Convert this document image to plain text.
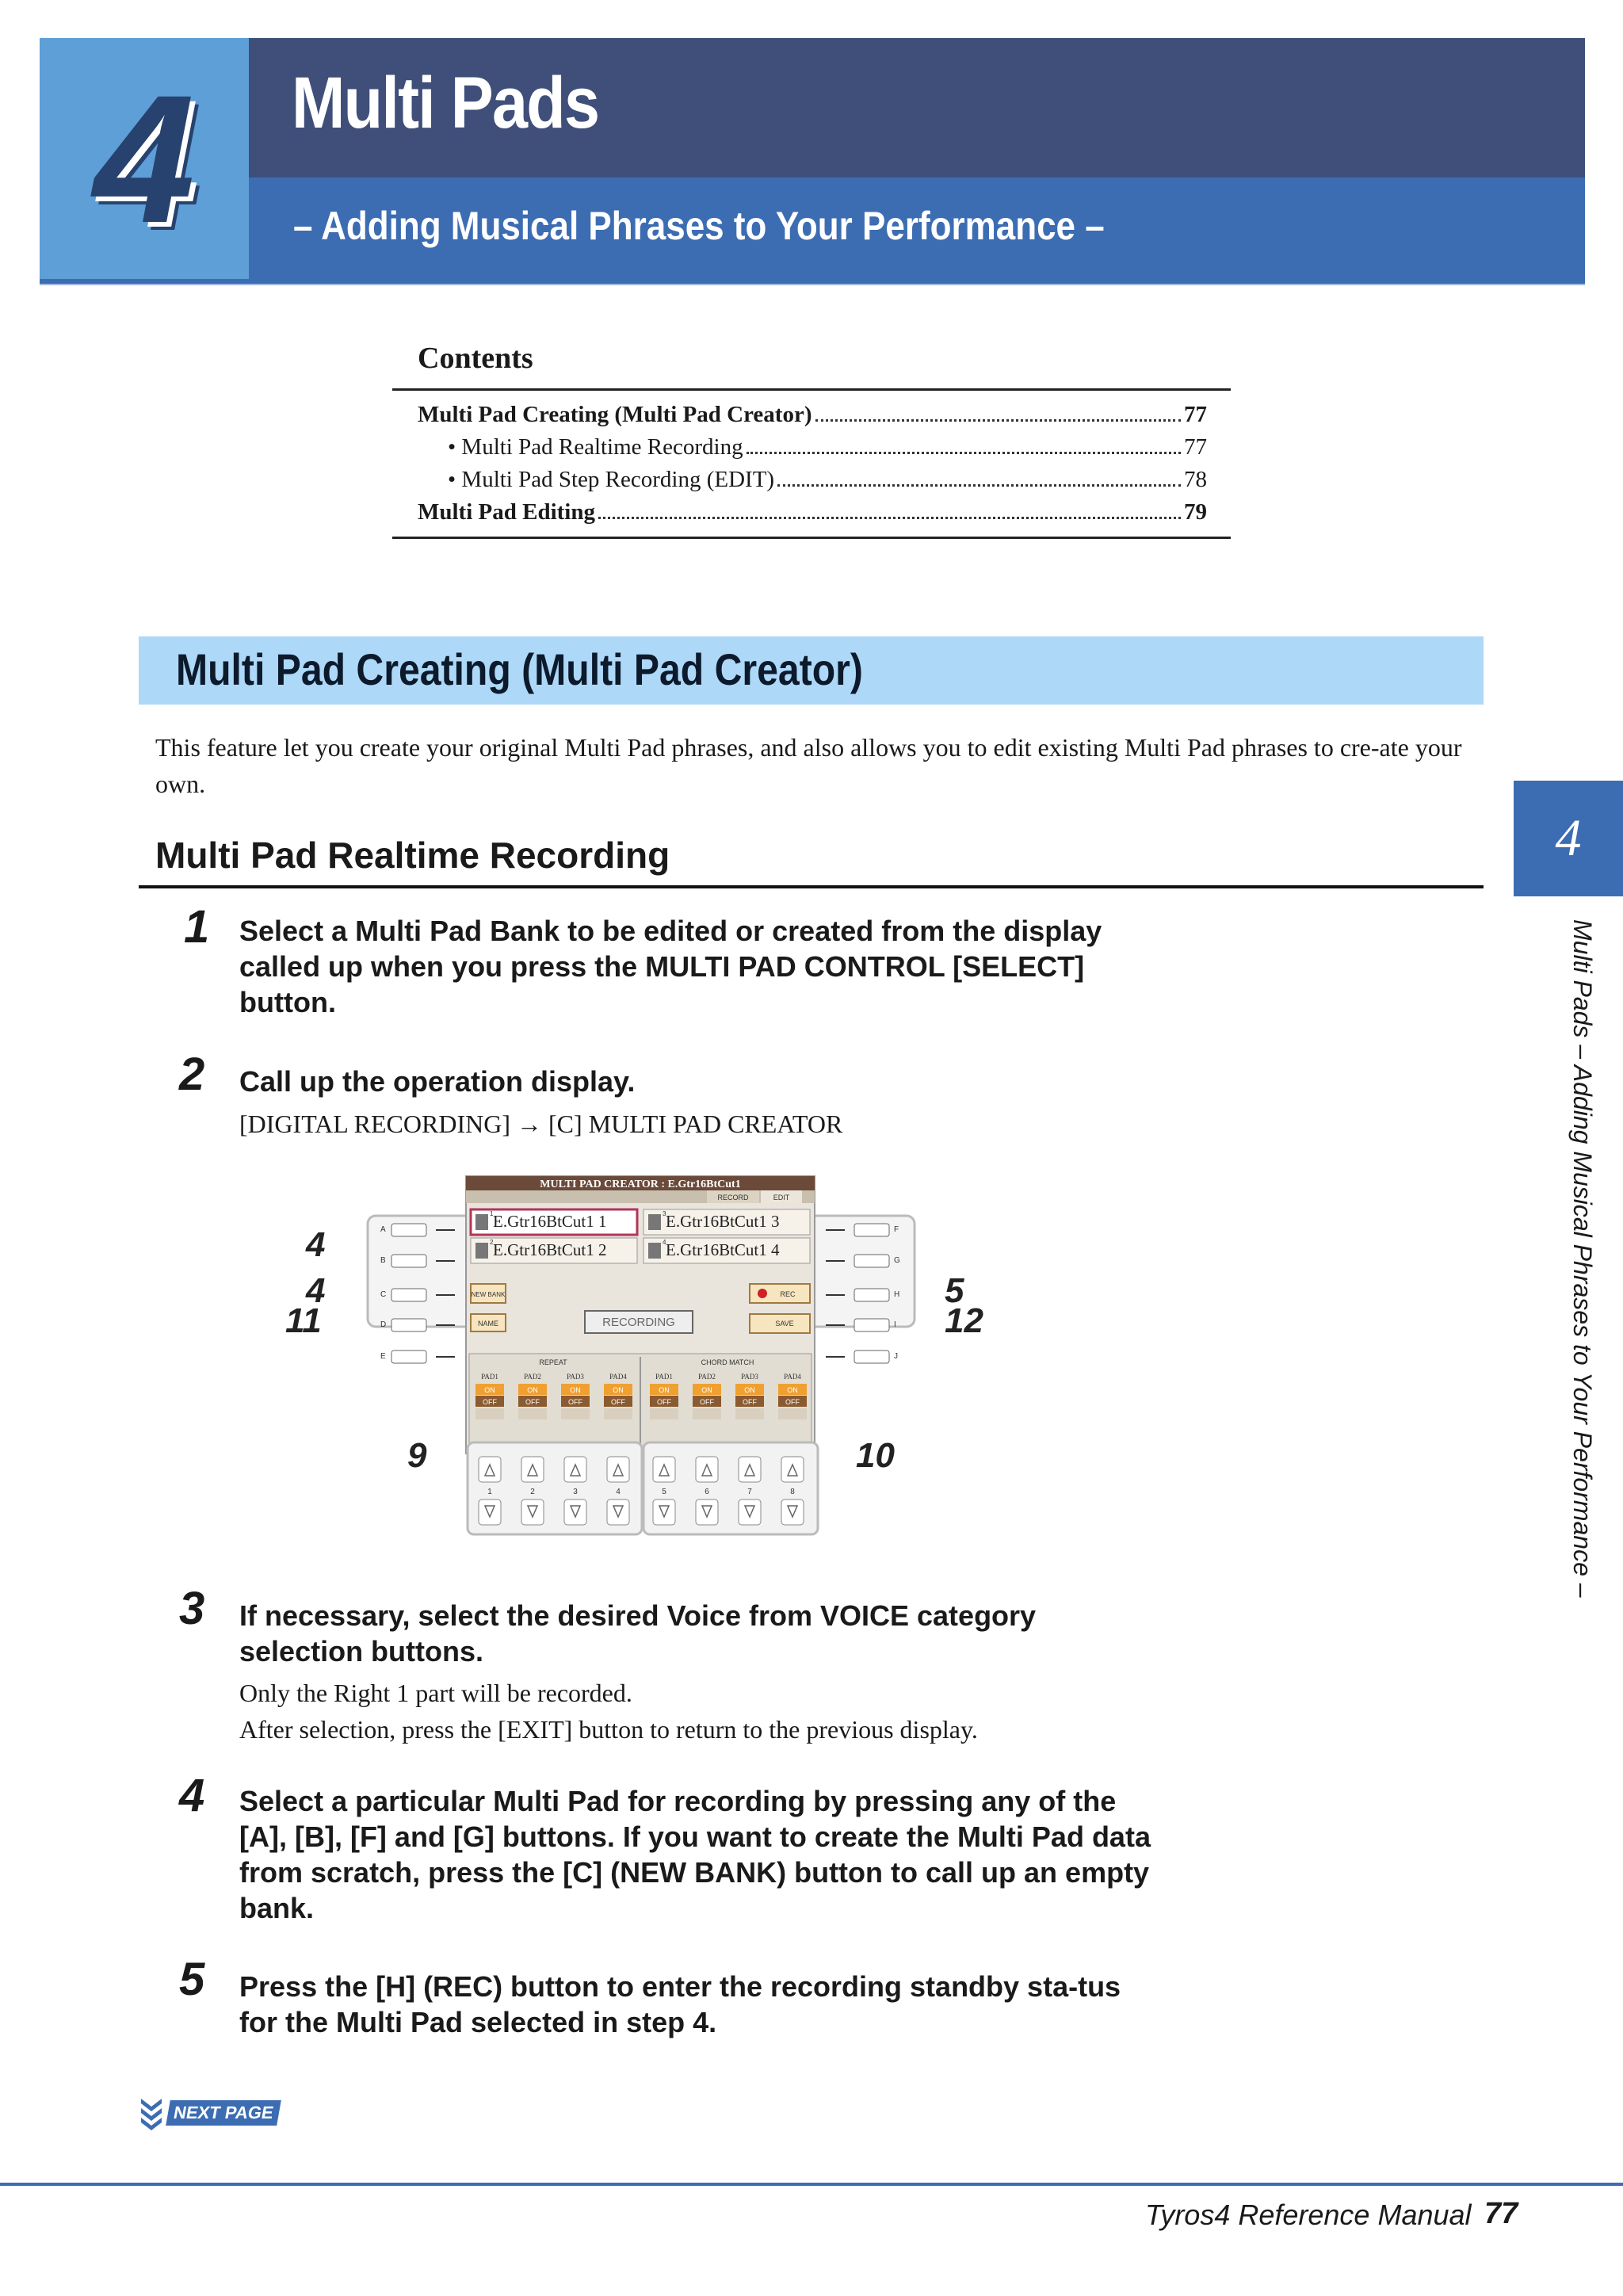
4	Multi Pads
– Adding Musical Phrases to Your Performance –
Contents
Multi Pad Creating (Multi Pad Creator)	77
• Multi Pad Realtime Recording	77
• Multi Pad Step Recording (EDIT)	78
Multi Pad Editing	79
Multi Pad Creating (Multi Pad Creator)
This feature let you create your original Multi Pad phrases, and also allows you to edit existing Multi Pad phrases to cre-ate your own.
Multi Pad Realtime Recording
1 Select a Multi Pad Bank to be edited or created from the display called up when you press the MULTI PAD CONTROL [SELECT] button.
2 Call up the operation display.
[DIGITAL RECORDING] → [C] MULTI PAD CREATOR
MULTI PAD CREATOR : E.Gtr16BtCut1
RECORD	EDIT
1	3
2	4
E.Gtr16BtCut1 1	E.Gtr16BtCut1 3
E.Gtr16BtCut1 2	E.Gtr16BtCut1 4
NEW BANK
NAME	RECORDING
REC
SAVE
A
B
C
D
E
F
G
H
I
J
REPEAT	CHORD MATCH
PAD1
ON
OFF
PAD2
ON
OFF
PAD3
ON
OFF
PAD4
ON
OFF
PAD1
ON
OFF
PAD2
ON
OFF
PAD3
ON
OFF
PAD4
ON
OFF
1	2	3	4	5	6	7	8
4
4
11
5
12
9	10
3 If necessary, select the desired Voice from VOICE category selection buttons.
Only the Right 1 part will be recorded.
After selection, press the [EXIT] button to return to the previous display.
4 Select a particular Multi Pad for recording by pressing any of the [A], [B], [F] and [G] buttons. If you want to create the Multi Pad data from scratch, press the [C] (NEW BANK) button to call up an empty bank.
5 Press the [H] (REC) button to enter the recording standby sta-tus for the Multi Pad selected in step 4.
4
Multi Pads – Adding Musical Phrases to Your Performance –
NEXT PAGE
Tyros4 Reference Manual 77
